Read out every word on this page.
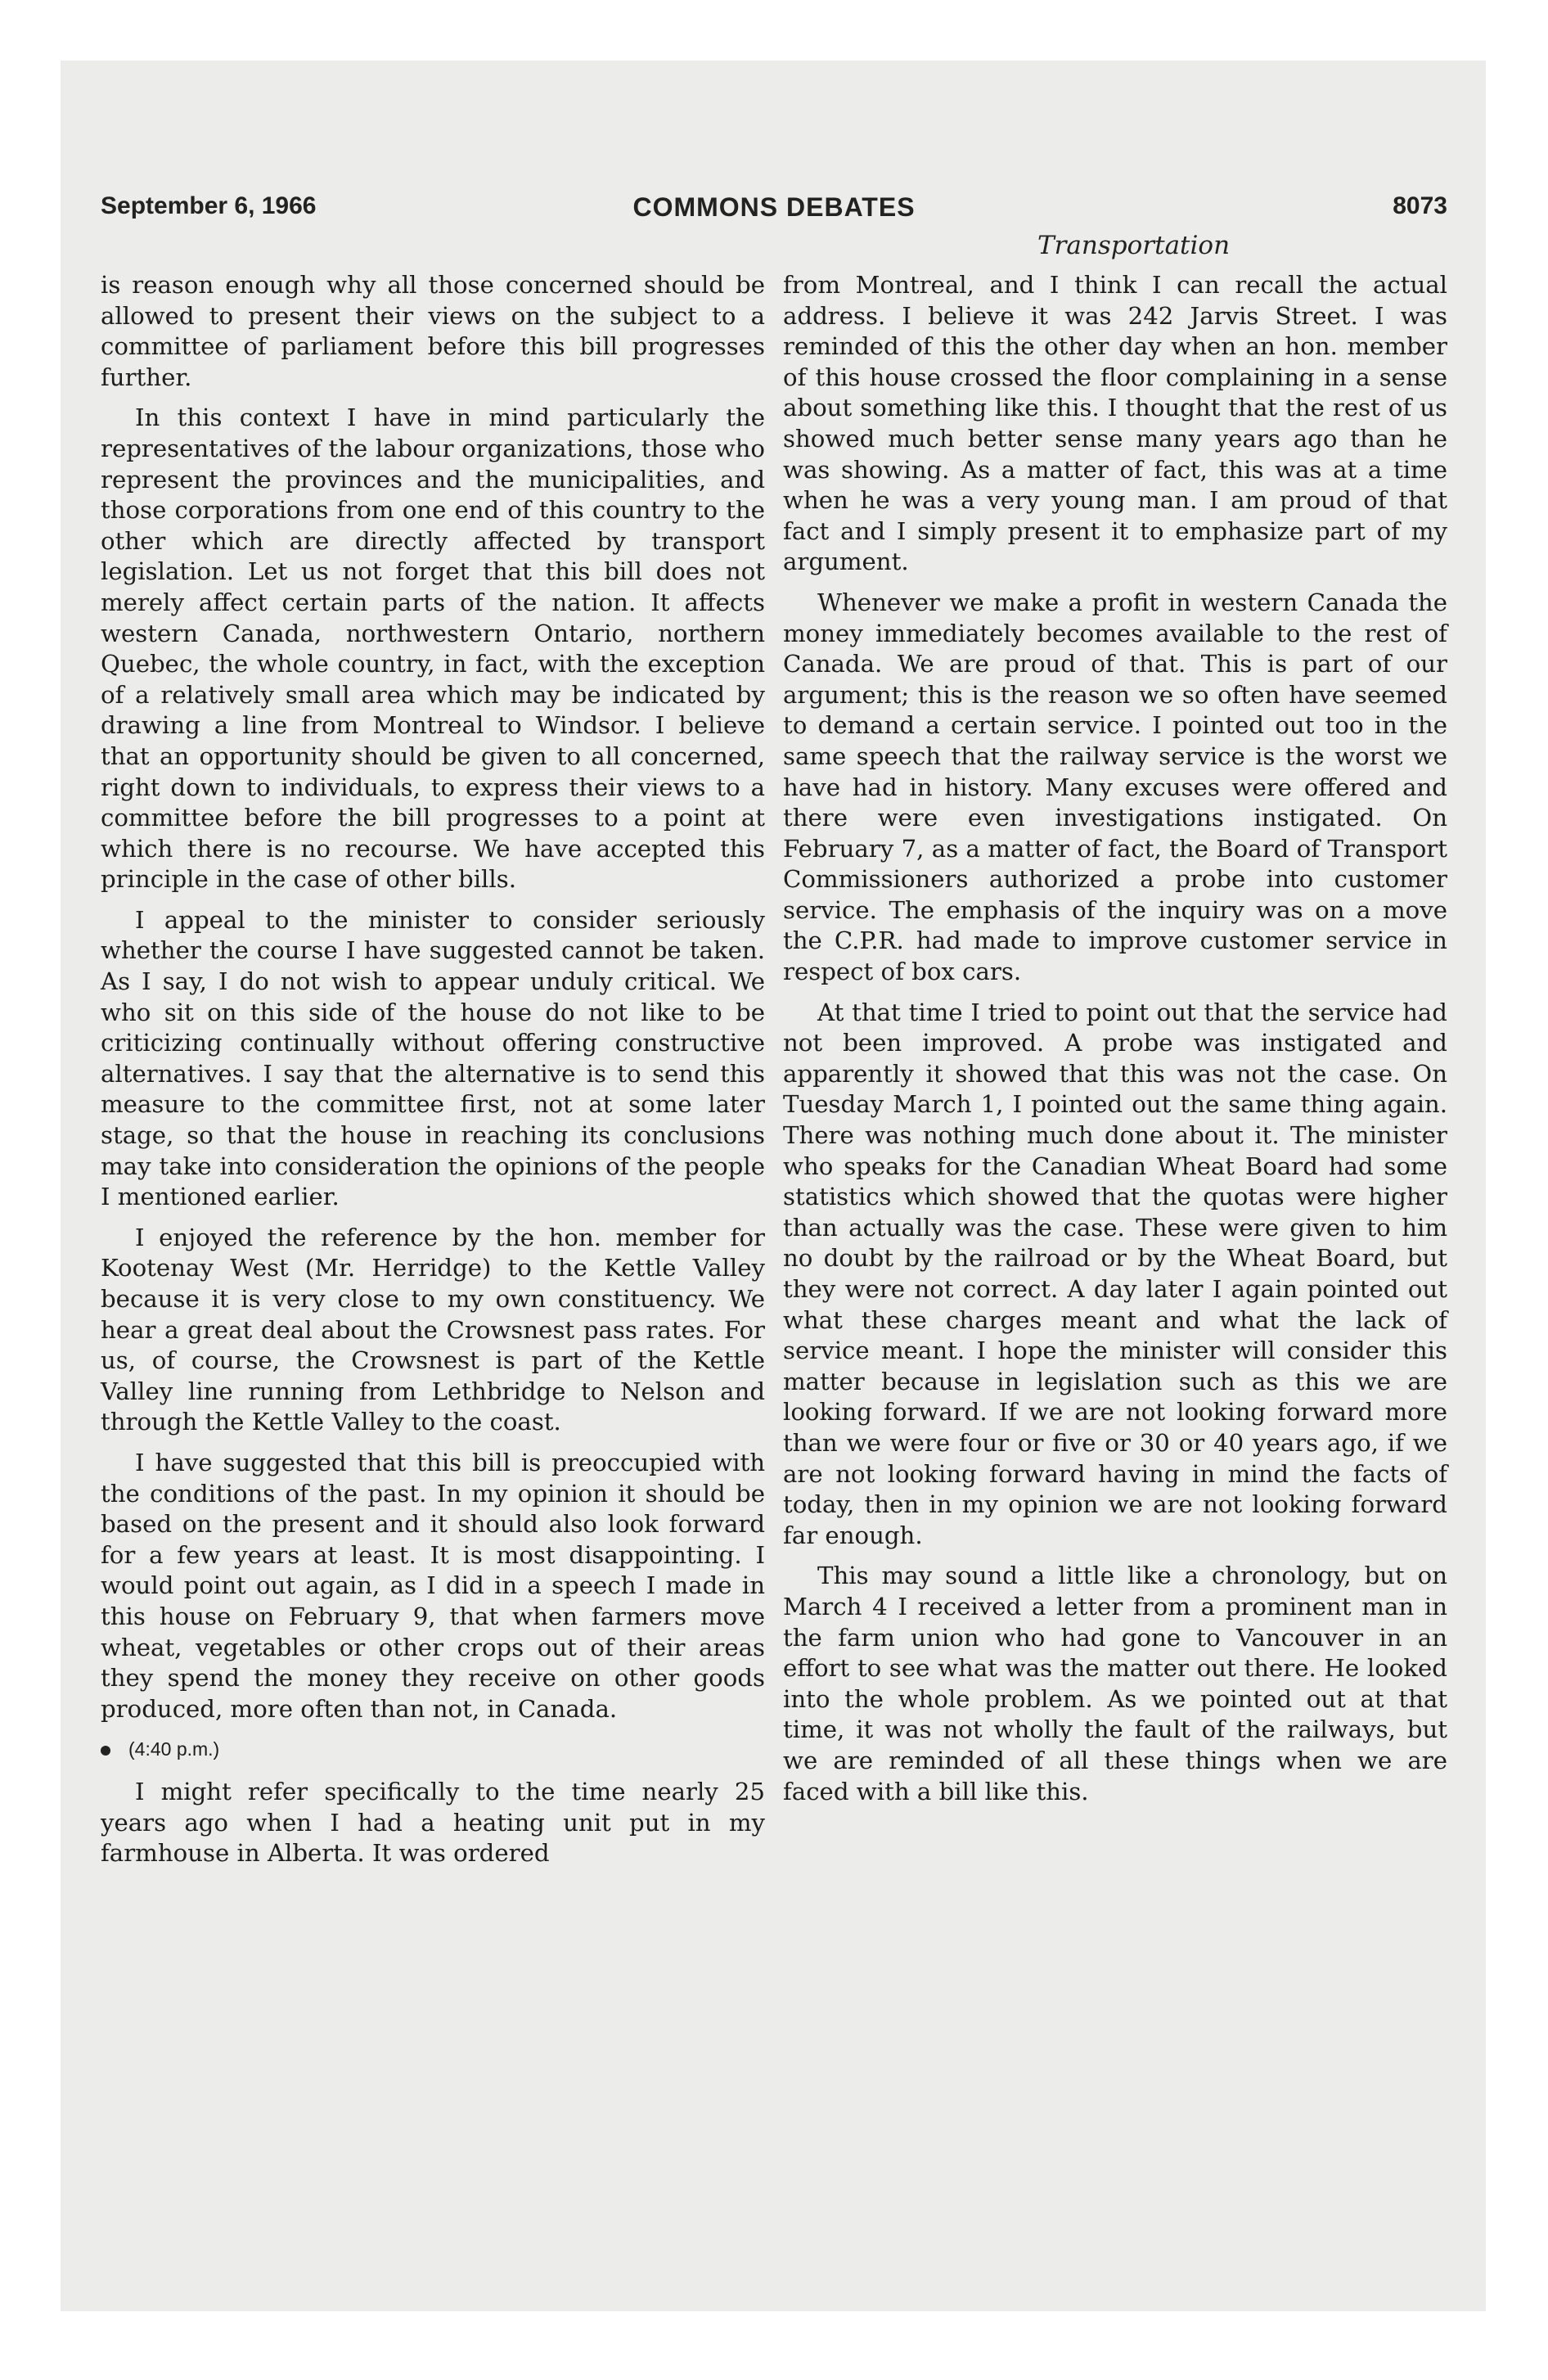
September 6, 1966	COMMONS DEBATES	8073
Transportation

is reason enough why all those concerned should be allowed to present their views on the subject to a committee of parliament before this bill progresses further.

In this context I have in mind particularly the representatives of the labour organizations, those who represent the provinces and the municipalities, and those corporations from one end of this country to the other which are directly affected by transport legislation. Let us not forget that this bill does not merely affect certain parts of the nation. It affects western Canada, northwestern Ontario, northern Quebec, the whole country, in fact, with the exception of a relatively small area which may be indicated by drawing a line from Montreal to Windsor. I believe that an opportunity should be given to all concerned, right down to individuals, to express their views to a committee before the bill progresses to a point at which there is no recourse. We have accepted this principle in the case of other bills.

I appeal to the minister to consider seriously whether the course I have suggested cannot be taken. As I say, I do not wish to appear unduly critical. We who sit on this side of the house do not like to be criticizing continually without offering constructive alternatives. I say that the alternative is to send this measure to the committee first, not at some later stage, so that the house in reaching its conclusions may take into consideration the opinions of the people I mentioned earlier.

I enjoyed the reference by the hon. member for Kootenay West (Mr. Herridge) to the Kettle Valley because it is very close to my own constituency. We hear a great deal about the Crowsnest pass rates. For us, of course, the Crowsnest is part of the Kettle Valley line running from Lethbridge to Nelson and through the Kettle Valley to the coast.

I have suggested that this bill is preoccupied with the conditions of the past. In my opinion it should be based on the present and it should also look forward for a few years at least. It is most disappointing. I would point out again, as I did in a speech I made in this house on February 9, that when farmers move wheat, vegetables or other crops out of their areas they spend the money they receive on other goods produced, more often than not, in Canada.

(4:40 p.m.)

I might refer specifically to the time nearly 25 years ago when I had a heating unit put in my farmhouse in Alberta. It was ordered

from Montreal, and I think I can recall the actual address. I believe it was 242 Jarvis Street. I was reminded of this the other day when an hon. member of this house crossed the floor complaining in a sense about something like this. I thought that the rest of us showed much better sense many years ago than he was showing. As a matter of fact, this was at a time when he was a very young man. I am proud of that fact and I simply present it to emphasize part of my argument.

Whenever we make a profit in western Canada the money immediately becomes available to the rest of Canada. We are proud of that. This is part of our argument; this is the reason we so often have seemed to demand a certain service. I pointed out too in the same speech that the railway service is the worst we have had in history. Many excuses were offered and there were even investigations instigated. On February 7, as a matter of fact, the Board of Transport Commissioners authorized a probe into customer service. The emphasis of the inquiry was on a move the C.P.R. had made to improve customer service in respect of box cars.

At that time I tried to point out that the service had not been improved. A probe was instigated and apparently it showed that this was not the case. On Tuesday March 1, I pointed out the same thing again. There was nothing much done about it. The minister who speaks for the Canadian Wheat Board had some statistics which showed that the quotas were higher than actually was the case. These were given to him no doubt by the railroad or by the Wheat Board, but they were not correct. A day later I again pointed out what these charges meant and what the lack of service meant. I hope the minister will consider this matter because in legislation such as this we are looking forward. If we are not looking forward more than we were four or five or 30 or 40 years ago, if we are not looking forward having in mind the facts of today, then in my opinion we are not looking forward far enough.

This may sound a little like a chronology, but on March 4 I received a letter from a prominent man in the farm union who had gone to Vancouver in an effort to see what was the matter out there. He looked into the whole problem. As we pointed out at that time, it was not wholly the fault of the railways, but we are reminded of all these things when we are faced with a bill like this.
